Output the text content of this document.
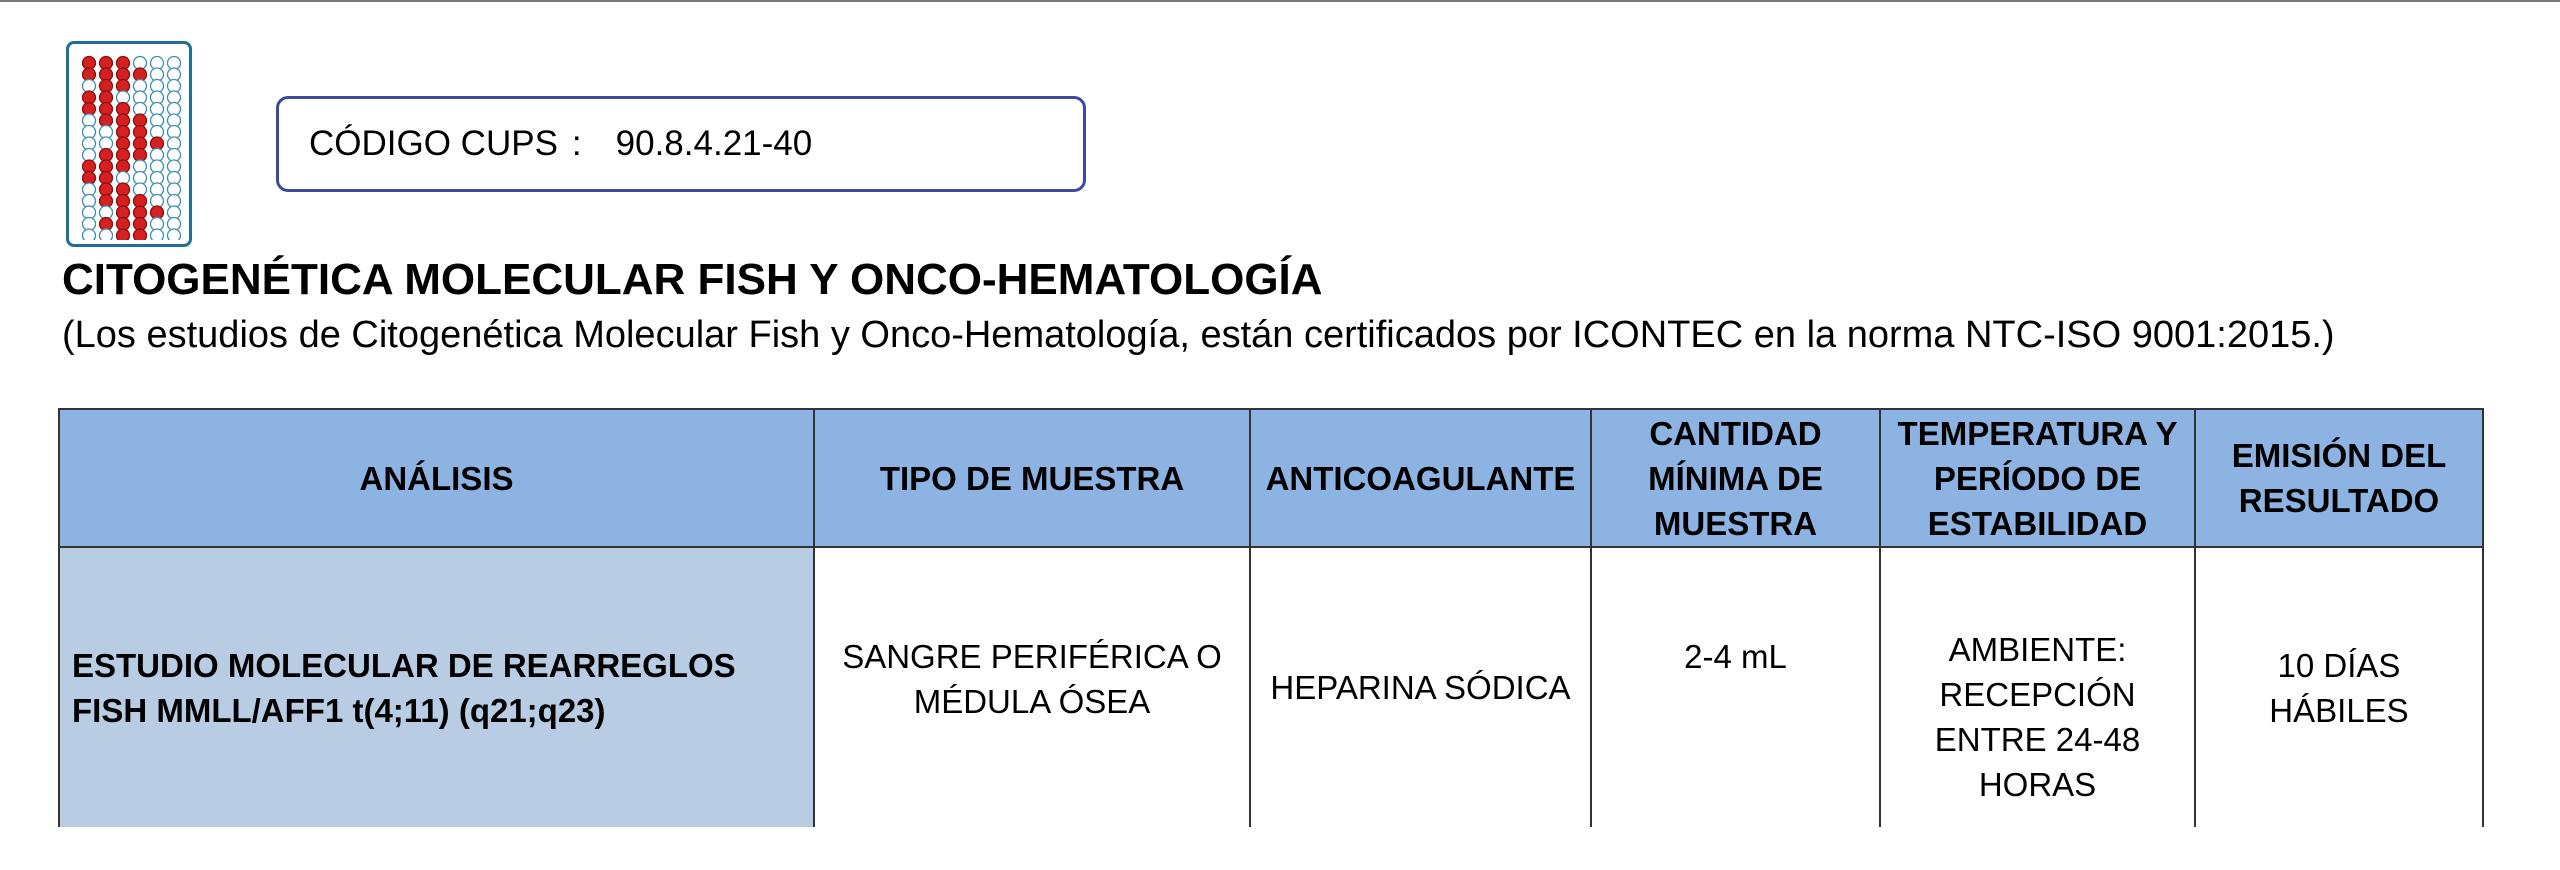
CÓDIGO CUPS : 90.8.4.21-40
CITOGENÉTICA MOLECULAR FISH Y ONCO-HEMATOLOGÍA
(Los estudios de Citogenética Molecular Fish y Onco-Hematología, están certificados por ICONTEC en la norma NTC-ISO 9001:2015.)
ANÁLISIS	TIPO DE MUESTRA	ANTICOAGULANTE	CANTIDAD MÍNIMA DE MUESTRA	TEMPERATURA Y PERÍODO DE ESTABILIDAD	EMISIÓN DEL RESULTADO
ESTUDIO MOLECULAR DE REARREGLOS FISH MMLL/AFF1 t(4;11) (q21;q23)	SANGRE PERIFÉRICA O MÉDULA ÓSEA	HEPARINA SÓDICA	2-4 mL	AMBIENTE: RECEPCIÓN ENTRE 24-48 HORAS	10 DÍAS HÁBILES
